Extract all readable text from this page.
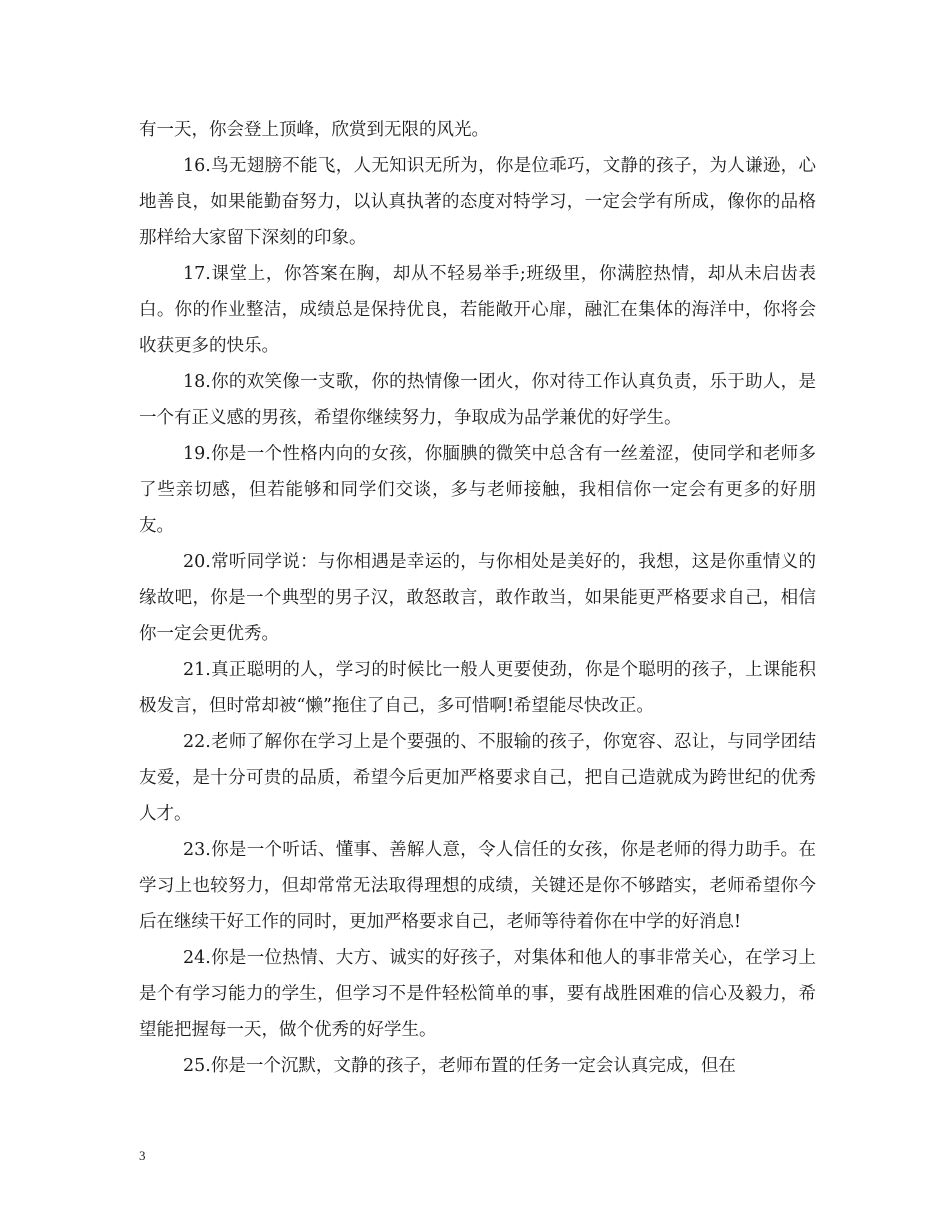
有一天，你会登上顶峰，欣赏到无限的风光。

16.鸟无翅膀不能飞，人无知识无所为，你是位乖巧，文静的孩子，为人谦逊，心地善良，如果能勤奋努力，以认真执著的态度对特学习，一定会学有所成，像你的品格那样给大家留下深刻的印象。

17.课堂上，你答案在胸，却从不轻易举手;班级里，你满腔热情，却从未启齿表白。你的作业整洁，成绩总是保持优良，若能敞开心扉，融汇在集体的海洋中，你将会收获更多的快乐。

18.你的欢笑像一支歌，你的热情像一团火，你对待工作认真负责，乐于助人，是一个有正义感的男孩，希望你继续努力，争取成为品学兼优的好学生。

19.你是一个性格内向的女孩，你腼腆的微笑中总含有一丝羞涩，使同学和老师多了些亲切感，但若能够和同学们交谈，多与老师接触，我相信你一定会有更多的好朋友。

20.常听同学说：与你相遇是幸运的，与你相处是美好的，我想，这是你重情义的缘故吧，你是一个典型的男子汉，敢怒敢言，敢作敢当，如果能更严格要求自己，相信你一定会更优秀。

21.真正聪明的人，学习的时候比一般人更要使劲，你是个聪明的孩子，上课能积极发言，但时常却被“懒”拖住了自己，多可惜啊!希望能尽快改正。

22.老师了解你在学习上是个要强的、不服输的孩子，你宽容、忍让，与同学团结友爱，是十分可贵的品质，希望今后更加严格要求自己，把自己造就成为跨世纪的优秀人才。

23.你是一个听话、懂事、善解人意，令人信任的女孩，你是老师的得力助手。在学习上也较努力，但却常常无法取得理想的成绩，关键还是你不够踏实，老师希望你今后在继续干好工作的同时，更加严格要求自己，老师等待着你在中学的好消息!

24.你是一位热情、大方、诚实的好孩子，对集体和他人的事非常关心，在学习上是个有学习能力的学生，但学习不是件轻松简单的事，要有战胜困难的信心及毅力，希望能把握每一天，做个优秀的好学生。

25.你是一个沉默，文静的孩子，老师布置的任务一定会认真完成，但在

3
